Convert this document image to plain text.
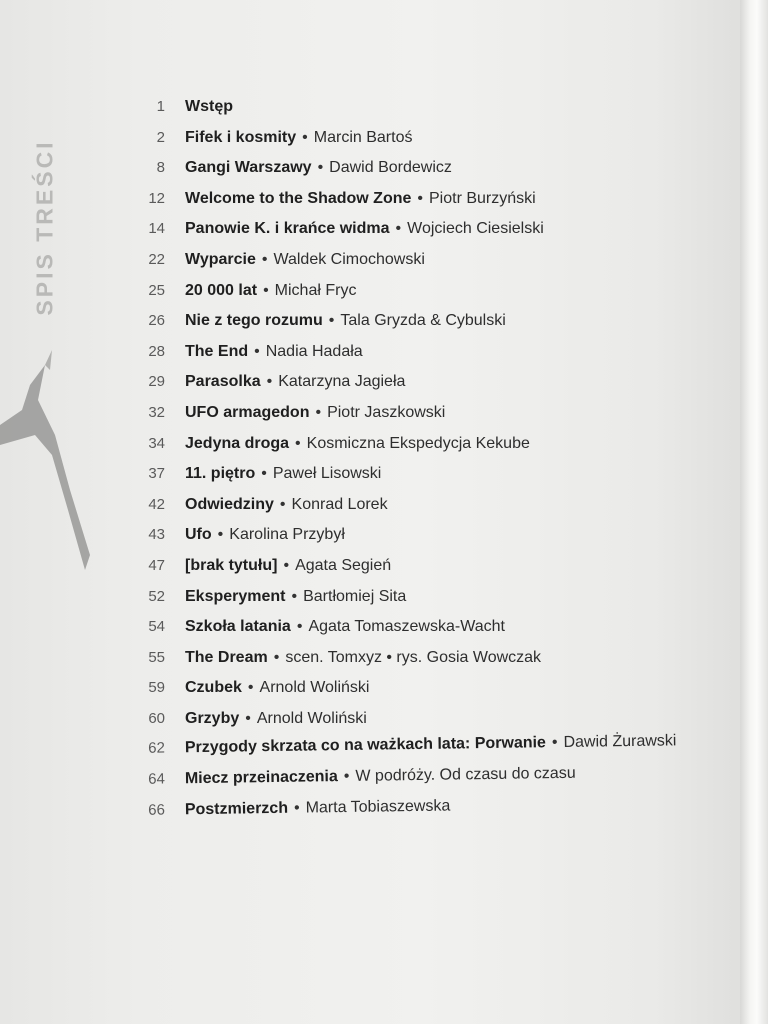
SPIS TREŚCI
1	Wstęp
2	Fifek i kosmity • Marcin Bartoś
8	Gangi Warszawy • Dawid Bordewicz
12	Welcome to the Shadow Zone • Piotr Burzyński
14	Panowie K. i krańce widma • Wojciech Ciesielski
22	Wyparcie • Waldek Cimochowski
25	20 000 lat • Michał Fryc
26	Nie z tego rozumu • Tala Gryzda & Cybulski
28	The End • Nadia Hadała
29	Parasolka • Katarzyna Jagieła
32	UFO armagedon • Piotr Jaszkowski
34	Jedyna droga • Kosmiczna Ekspedycja Kekube
37	11. piętro • Paweł Lisowski
42	Odwiedziny • Konrad Lorek
43	Ufo • Karolina Przybył
47	[brak tytułu] • Agata Segień
52	Eksperyment • Bartłomiej Sita
54	Szkoła latania • Agata Tomaszewska-Wacht
55	The Dream • scen. Tomxyz • rys. Gosia Wowczak
59	Czubek • Arnold Woliński
60	Grzyby • Arnold Woliński
62	Przygody skrzata co na ważkach lata: Porwanie • Dawid Żurawski
64	Miecz przeinaczenia • W podróży. Od czasu do czasu
66	Postzmierzch • Marta Tobiaszewska
